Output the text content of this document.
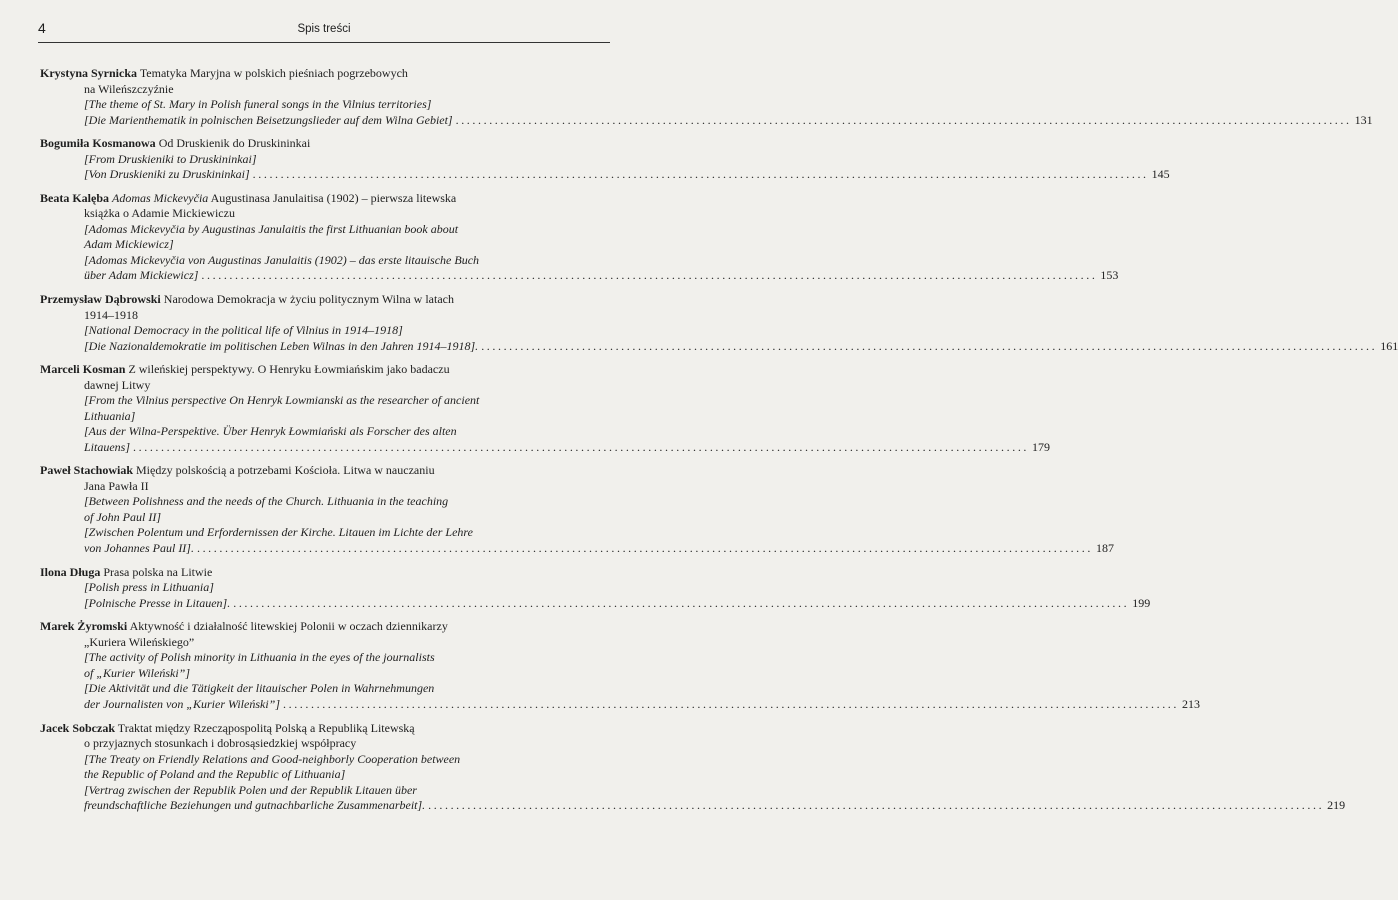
4	Spis treści
Krystyna Syrnicka Tematyka Maryjna w polskich pieśniach pogrzebowych
na Wileńszczyźnie
[The theme of St. Mary in Polish funeral songs in the Vilnius territories]
[Die Marienthematik in polnischen Beisetzungslieder auf dem Wilna Gebiet] ................................................................................................................................................................ 131
Bogumiła Kosmanowa Od Druskienik do Druskininkai
[From Druskieniki to Druskininkai]
[Von Druskieniki zu Druskininkai] ................................................................................................................................................................ 145
Beata Kalęba Adomas Mickevyčia Augustinasa Janulaitisa (1902) – pierwsza litewska
książka o Adamie Mickiewiczu
[Adomas Mickevyčia by Augustinas Janulaitis the first Lithuanian book about
Adam Mickiewicz]
[Adomas Mickevyčia von Augustinas Janulaitis (1902) – das erste litauische Buch
über Adam Mickiewicz] ................................................................................................................................................................ 153
Przemysław Dąbrowski Narodowa Demokracja w życiu politycznym Wilna w latach
1914–1918
[National Democracy in the political life of Vilnius in 1914–1918]
[Die Nazionaldemokratie im politischen Leben Wilnas in den Jahren 1914–1918]. ................................................................................................................................................................ 161
Marceli Kosman Z wileńskiej perspektywy. O Henryku Łowmiańskim jako badaczu
dawnej Litwy
[From the Vilnius perspective On Henryk Lowmianski as the researcher of ancient
Lithuania]
[Aus der Wilna-Perspektive. Über Henryk Łowmiański als Forscher des alten
Litauens] ................................................................................................................................................................ 179
Paweł Stachowiak Między polskością a potrzebami Kościoła. Litwa w nauczaniu
Jana Pawła II
[Between Polishness and the needs of the Church. Lithuania in the teaching
of John Paul II]
[Zwischen Polentum und Erfordernissen der Kirche. Litauen im Lichte der Lehre
von Johannes Paul II]. ................................................................................................................................................................ 187
Ilona Długa Prasa polska na Litwie
[Polish press in Lithuania]
[Polnische Presse in Litauen]. ................................................................................................................................................................ 199
Marek Żyromski Aktywność i działalność litewskiej Polonii w oczach dziennikarzy
„Kuriera Wileńskiego”
[The activity of Polish minority in Lithuania in the eyes of the journalists
of „Kurier Wileński”]
[Die Aktivität und die Tätigkeit der litauischer Polen in Wahrnehmungen
der Journalisten von „Kurier Wileński”] ................................................................................................................................................................ 213
Jacek Sobczak Traktat między Rzecząpospolitą Polską a Republiką Litewską
o przyjaznych stosunkach i dobrosąsiedzkiej współpracy
[The Treaty on Friendly Relations and Good-neighborly Cooperation between
the Republic of Poland and the Republic of Lithuania]
[Vertrag zwischen der Republik Polen und der Republik Litauen über
freundschaftliche Beziehungen und gutnachbarliche Zusammenarbeit]. ................................................................................................................................................................ 219
